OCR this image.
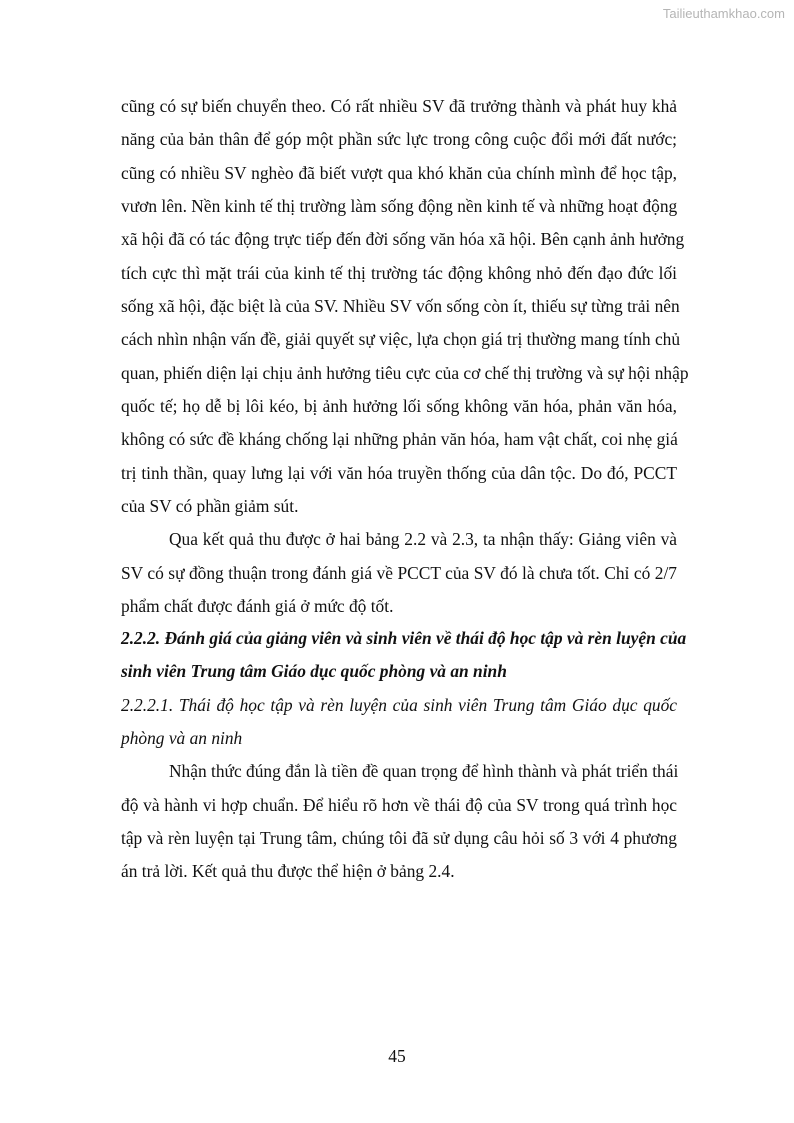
Tailieuthamkhao.com
cũng có sự biến chuyển theo. Có rất nhiều SV đã trưởng thành và phát huy khả
năng của bản thân để góp một phần sức lực trong công cuộc đổi mới đất nước;
cũng có nhiều SV nghèo đã biết vượt qua khó khăn của chính mình để học tập,
vươn lên. Nền kinh tế thị trường làm sống động nền kinh tế và những hoạt động
xã hội đã có tác động trực tiếp đến đời sống văn hóa xã hội. Bên cạnh ảnh hưởng
tích cực thì mặt trái của kinh tế thị trường tác động không nhỏ đến đạo đức lối
sống xã hội, đặc biệt là của SV. Nhiều SV vốn sống còn ít, thiếu sự từng trải nên
cách nhìn nhận vấn đề, giải quyết sự việc, lựa chọn giá trị thường mang tính chủ
quan, phiến diện lại chịu ảnh hưởng tiêu cực của cơ chế thị trường và sự hội nhập
quốc tế; họ dễ bị lôi kéo, bị ảnh hưởng lối sống không văn hóa, phản văn hóa,
không có sức đề kháng chống lại những phản văn hóa, ham vật chất, coi nhẹ giá
trị tinh thần, quay lưng lại với văn hóa truyền thống của dân tộc. Do đó, PCCT
của SV có phần giảm sút.
Qua kết quả thu được ở hai bảng 2.2 và 2.3, ta nhận thấy: Giảng viên và
SV có sự đồng thuận trong đánh giá về PCCT của SV đó là chưa tốt. Chỉ có 2/7
phẩm chất được đánh giá ở mức độ tốt.
2.2.2. Đánh giá của giảng viên và sinh viên về thái độ học tập và rèn luyện của
sinh viên Trung tâm Giáo dục quốc phòng và an ninh
2.2.2.1. Thái độ học tập và rèn luyện của sinh viên Trung tâm Giáo dục quốc
phòng và an ninh
Nhận thức đúng đắn là tiền đề quan trọng để hình thành và phát triển thái
độ và hành vi hợp chuẩn. Để hiểu rõ hơn về thái độ của SV trong quá trình học
tập và rèn luyện tại Trung tâm, chúng tôi đã sử dụng câu hỏi số 3 với 4 phương
án trả lời. Kết quả thu được thể hiện ở bảng 2.4.
45
